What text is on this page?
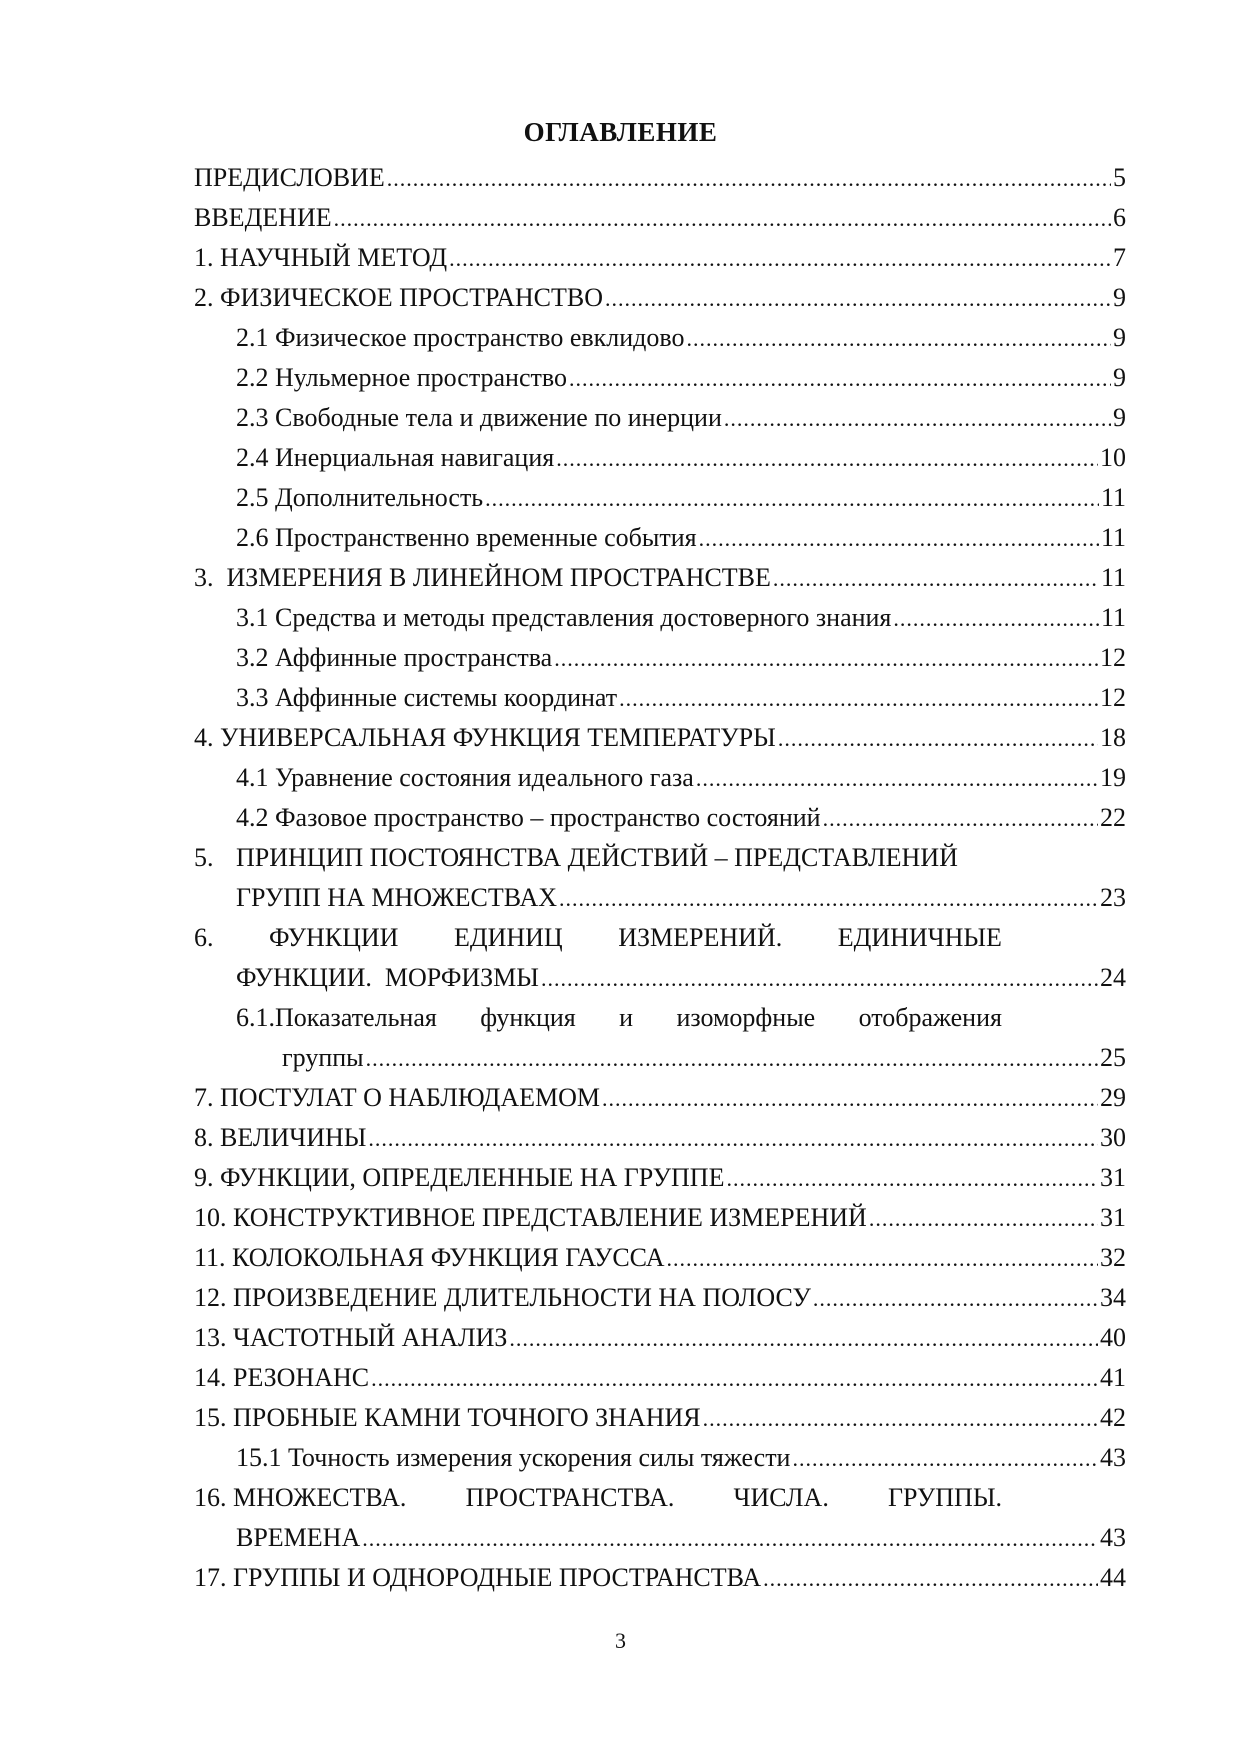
ОГЛАВЛЕНИЕ
ПРЕДИСЛОВИЕ .....	5
ВВЕДЕНИЕ .....	6
1. НАУЧНЫЙ МЕТОД .....	7
2. ФИЗИЧЕСКОЕ ПРОСТРАНСТВО .....	9
2.1 Физическое пространство евклидово .....	9
2.2 Нульмерное пространство .....	9
2.3 Свободные тела и движение по инерции .....	9
2.4 Инерциальная навигация .....	10
2.5 Дополнительность .....	11
2.6 Пространственно временные события .....	11
3.  ИЗМЕРЕНИЯ В ЛИНЕЙНОМ ПРОСТРАНСТВЕ .....	11
3.1 Средства и методы представления достоверного знания .....	11
3.2 Аффинные пространства .....	12
3.3 Аффинные системы координат .....	12
4. УНИВЕРСАЛЬНАЯ ФУНКЦИЯ ТЕМПЕРАТУРЫ .....	18
4.1 Уравнение состояния идеального газа .....	19
4.2 Фазовое пространство – пространство состояний .....	22
5. ПРИНЦИП ПОСТОЯНСТВА ДЕЙСТВИЙ – ПРЕДСТАВЛЕНИЙ
ГРУПП НА МНОЖЕСТВАХ .....	23
6. ФУНКЦИИ ЕДИНИЦ ИЗМЕРЕНИЙ. ЕДИНИЧНЫЕ
ФУНКЦИИ.  МОРФИЗМЫ .....	24
6.1.Показательная функция и изоморфные отображения
группы .....	25
7. ПОСТУЛАТ О НАБЛЮДАЕМОМ .....	29
8. ВЕЛИЧИНЫ .....	30
9. ФУНКЦИИ, ОПРЕДЕЛЕННЫЕ НА ГРУППЕ .....	31
10. КОНСТРУКТИВНОЕ ПРЕДСТАВЛЕНИЕ ИЗМЕРЕНИЙ .....	31
11. КОЛОКОЛЬНАЯ ФУНКЦИЯ ГАУССА .....	32
12. ПРОИЗВЕДЕНИЕ ДЛИТЕЛЬНОСТИ НА ПОЛОСУ .....	34
13. ЧАСТОТНЫЙ АНАЛИЗ .....	40
14. РЕЗОНАНС .....	41
15. ПРОБНЫЕ КАМНИ ТОЧНОГО ЗНАНИЯ .....	42
15.1 Точность измерения ускорения силы тяжести .....	43
16. МНОЖЕСТВА. ПРОСТРАНСТВА. ЧИСЛА. ГРУППЫ.
ВРЕМЕНА .....	43
17. ГРУППЫ И ОДНОРОДНЫЕ ПРОСТРАНСТВА .....	44
3
